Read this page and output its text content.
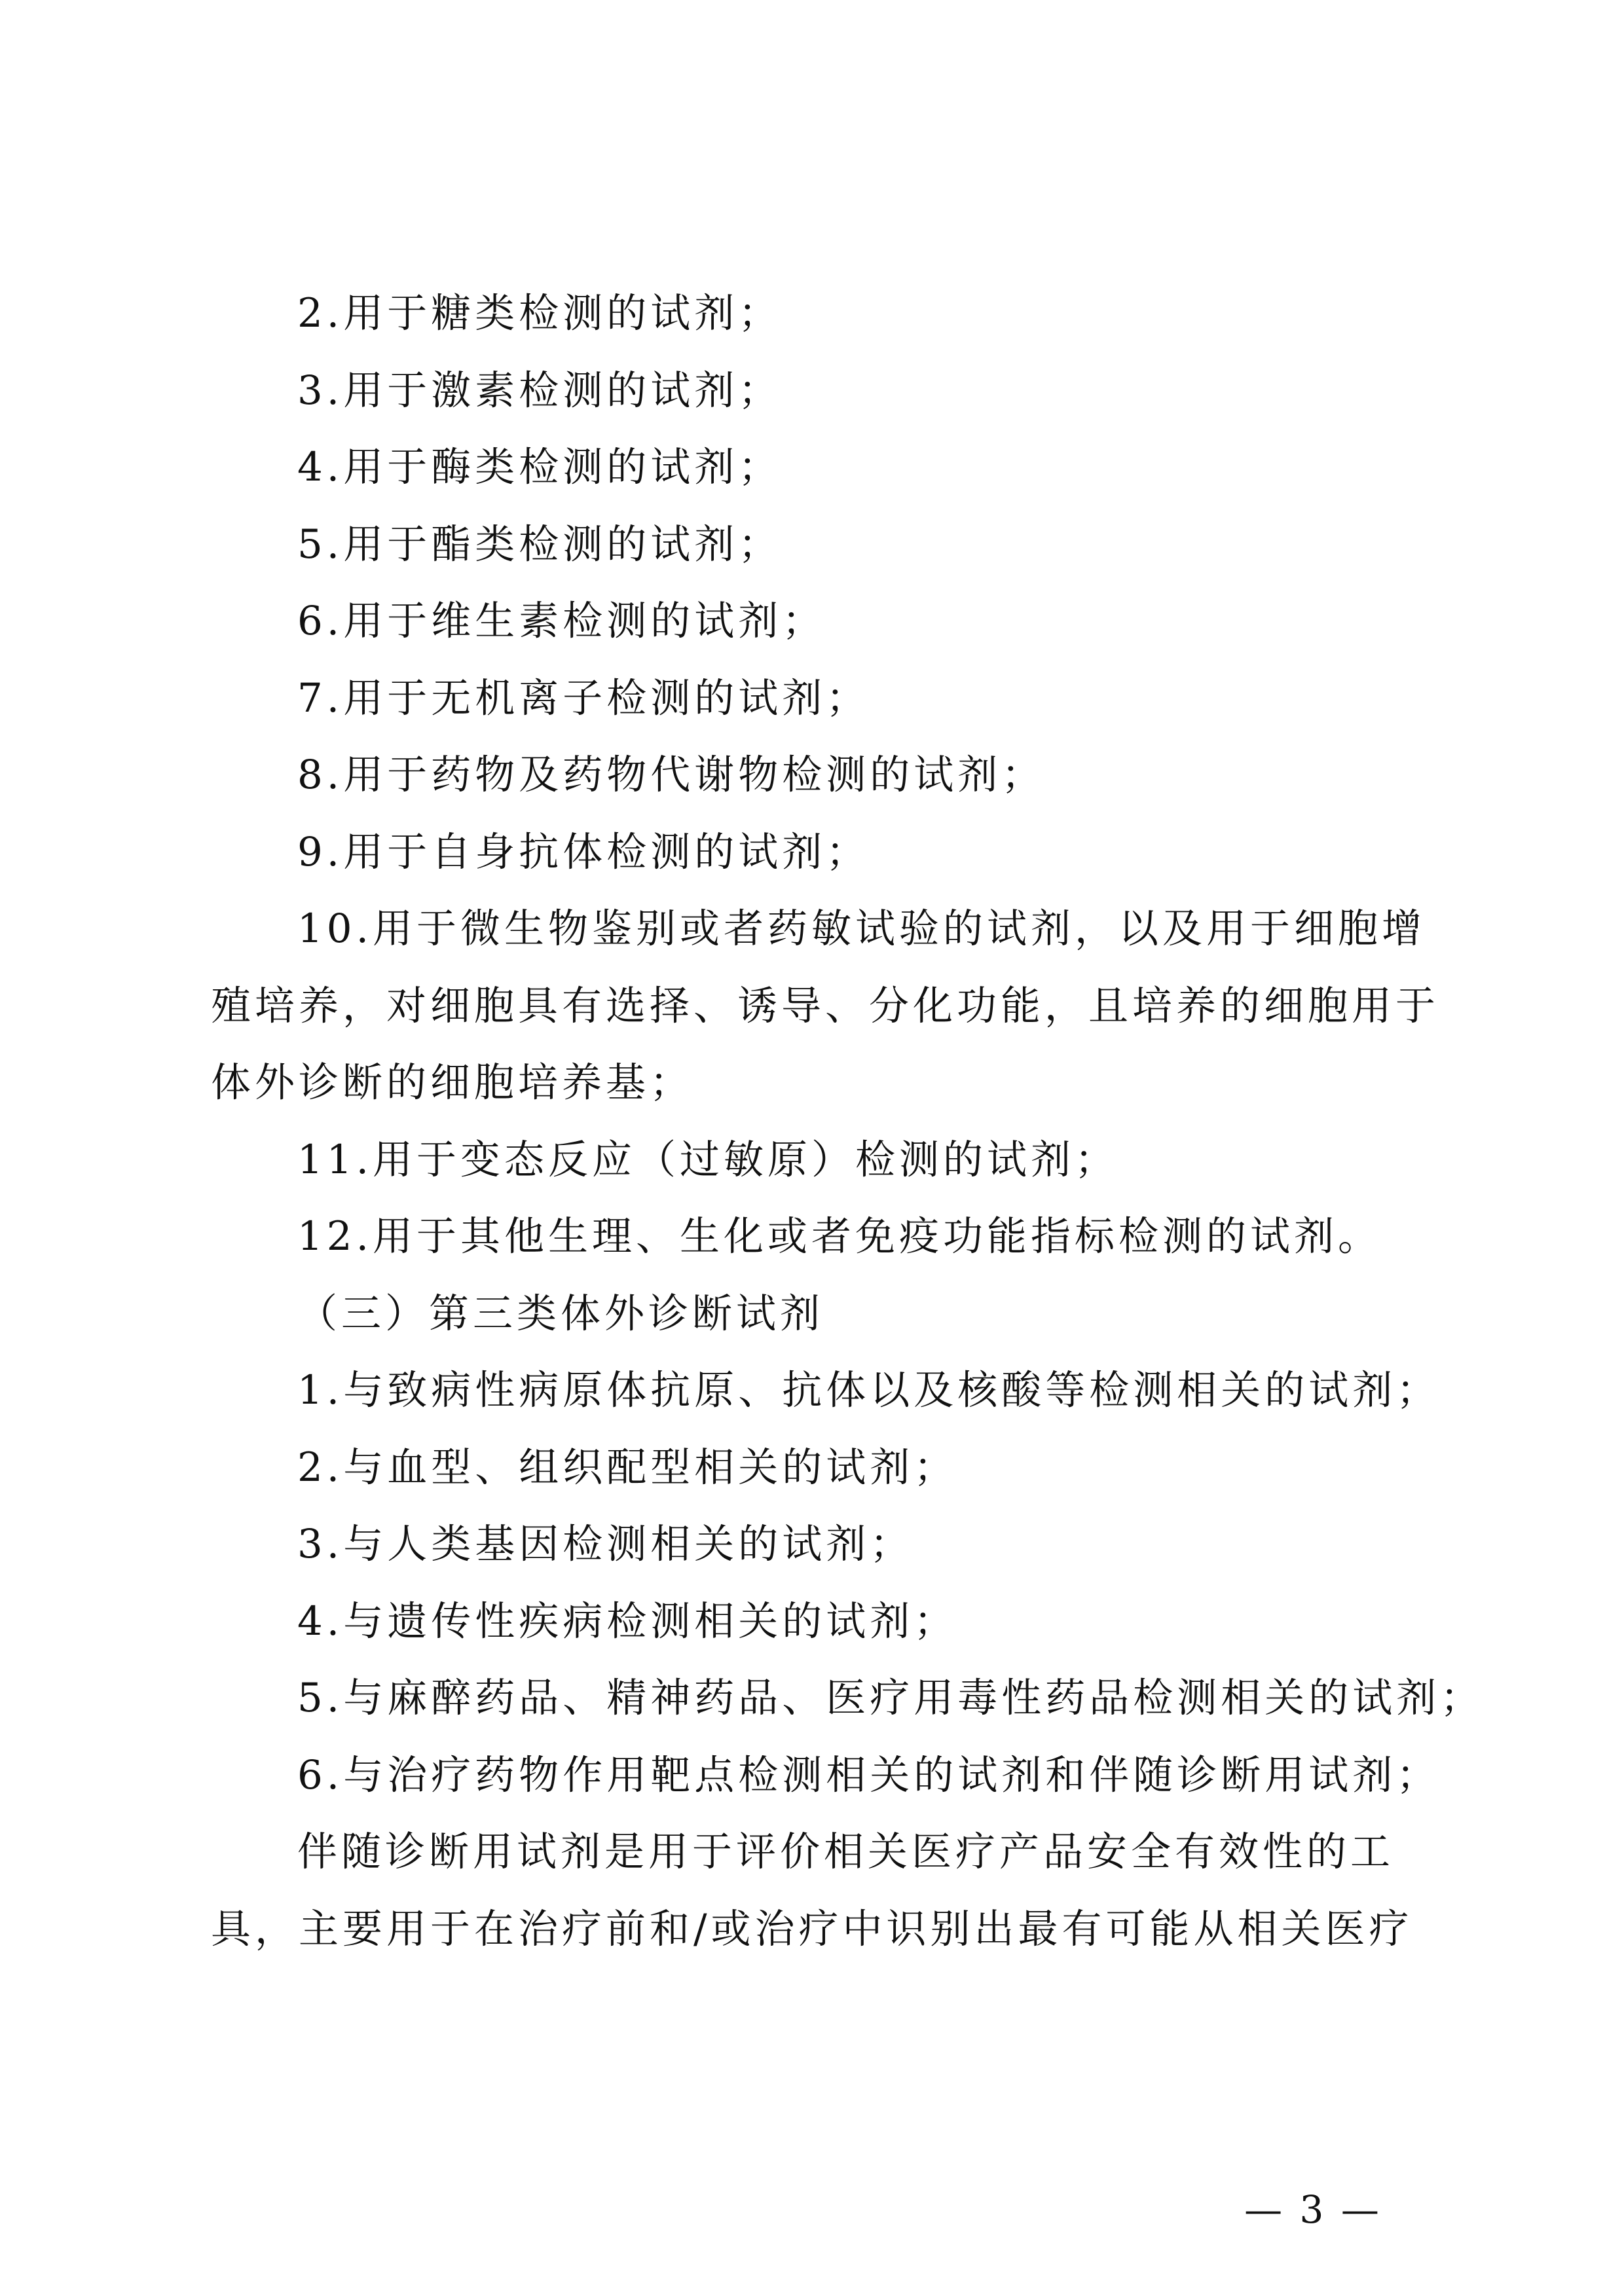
2.用于糖类检测的试剂；

3.用于激素检测的试剂；

4.用于酶类检测的试剂；

5.用于酯类检测的试剂；

6.用于维生素检测的试剂；

7.用于无机离子检测的试剂；

8.用于药物及药物代谢物检测的试剂；

9.用于自身抗体检测的试剂；

10.用于微生物鉴别或者药敏试验的试剂，以及用于细胞增

殖培养，对细胞具有选择、诱导、分化功能，且培养的细胞用于

体外诊断的细胞培养基；

11.用于变态反应（过敏原）检测的试剂；

12.用于其他生理、生化或者免疫功能指标检测的试剂。

（三）第三类体外诊断试剂

1.与致病性病原体抗原、抗体以及核酸等检测相关的试剂；

2.与血型、组织配型相关的试剂；

3.与人类基因检测相关的试剂；

4.与遗传性疾病检测相关的试剂；

5.与麻醉药品、精神药品、医疗用毒性药品检测相关的试剂；

6.与治疗药物作用靶点检测相关的试剂和伴随诊断用试剂；

伴随诊断用试剂是用于评价相关医疗产品安全有效性的工

具，主要用于在治疗前和/或治疗中识别出最有可能从相关医疗

— 3 —
